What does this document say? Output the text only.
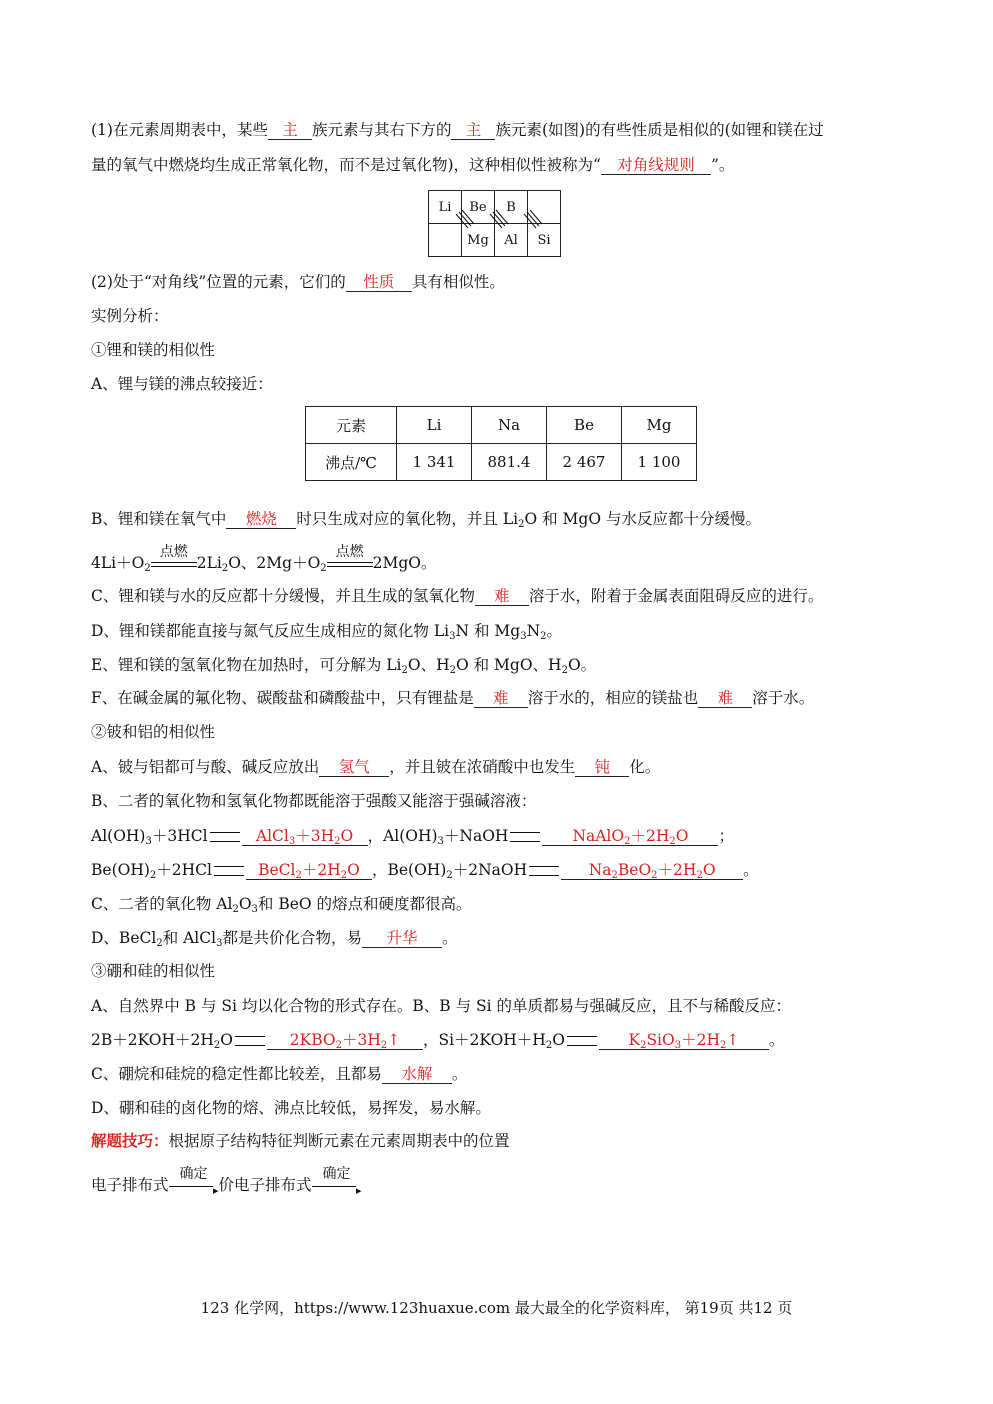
(1)在元素周期表中，某些 主 族元素与其右下方的 主 族元素(如图)的有些性质是相似的(如锂和镁在过
量的氧气中燃烧均生成正常氧化物，而不是过氧化物)，这种相似性被称为“ 对角线规则 ”。
Li	Be	B	
	Mg	Al	Si
(2)处于“对角线”位置的元素，它们的 性质 具有相似性。
实例分析：
①锂和镁的相似性
A、锂与镁的沸点较接近：
元素	Li	Na	Be	Mg
沸点/℃	1 341	881.4	2 467	1 100
B、锂和镁在氧气中 燃烧 时只生成对应的氧化物，并且 $Li_2O$ 和 MgO 与水反应都十分缓慢。
$4Li+O_2$
点燃
$2Li_2O$、$2Mg+O_2$
点燃
2MgO。
C、锂和镁与水的反应都十分缓慢，并且生成的氢氧化物 难 溶于水，附着于金属表面阻碍反应的进行。
D、锂和镁都能直接与氮气反应生成相应的氮化物 $Li_3N$ 和 $Mg_3N_2$。
E、锂和镁的氢氧化物在加热时，可分解为 $Li_2O$、$H_2O$ 和 MgO、$H_2O$。
F、在碱金属的氟化物、碳酸盐和磷酸盐中，只有锂盐是 难 溶于水的，相应的镁盐也 难 溶于水。
②铍和铝的相似性
A、铍与铝都可与酸、碱反应放出 氢气 ，并且铍在浓硝酸中也发生 钝 化。
B、二者的氧化物和氢氧化物都既能溶于强酸又能溶于强碱溶液：
$Al(OH)_3+3HCl$	$AlCl_3+3H_2O$ ，$Al(OH)_3+NaOH$	$NaAlO_2+2H_2O$ ；
$Be(OH)_2+2HCl$	$BeCl_2+2H_2O$ ，$Be(OH)_2+2NaOH$	$Na_2BeO_2+2H_2O$ 。
C、二者的氧化物 $Al_2O_3$和 BeO 的熔点和硬度都很高。
D、BeCl$_2$和 AlCl$_3$都是共价化合物，易 升华 。
③硼和硅的相似性
A、自然界中 B 与 Si 均以化合物的形式存在。B、B 与 Si 的单质都易与强碱反应，且不与稀酸反应：
$2B+2KOH+2H_2O$	$2KBO_2+3H_2↑$ ，$Si+2KOH+H_2O$	$K_2SiO_3+2H_2↑$ 。
C、硼烷和硅烷的稳定性都比较差，且都易 水解 。
D、硼和硅的卤化物的熔、沸点比较低，易挥发，易水解。
解题技巧：根据原子结构特征判断元素在元素周期表中的位置
电子排布式
确定
▸ 价电子排布式
确定
▸
123 化学网，https://www.123huaxue.com 最大最全的化学资料库， 第19页 共12 页
